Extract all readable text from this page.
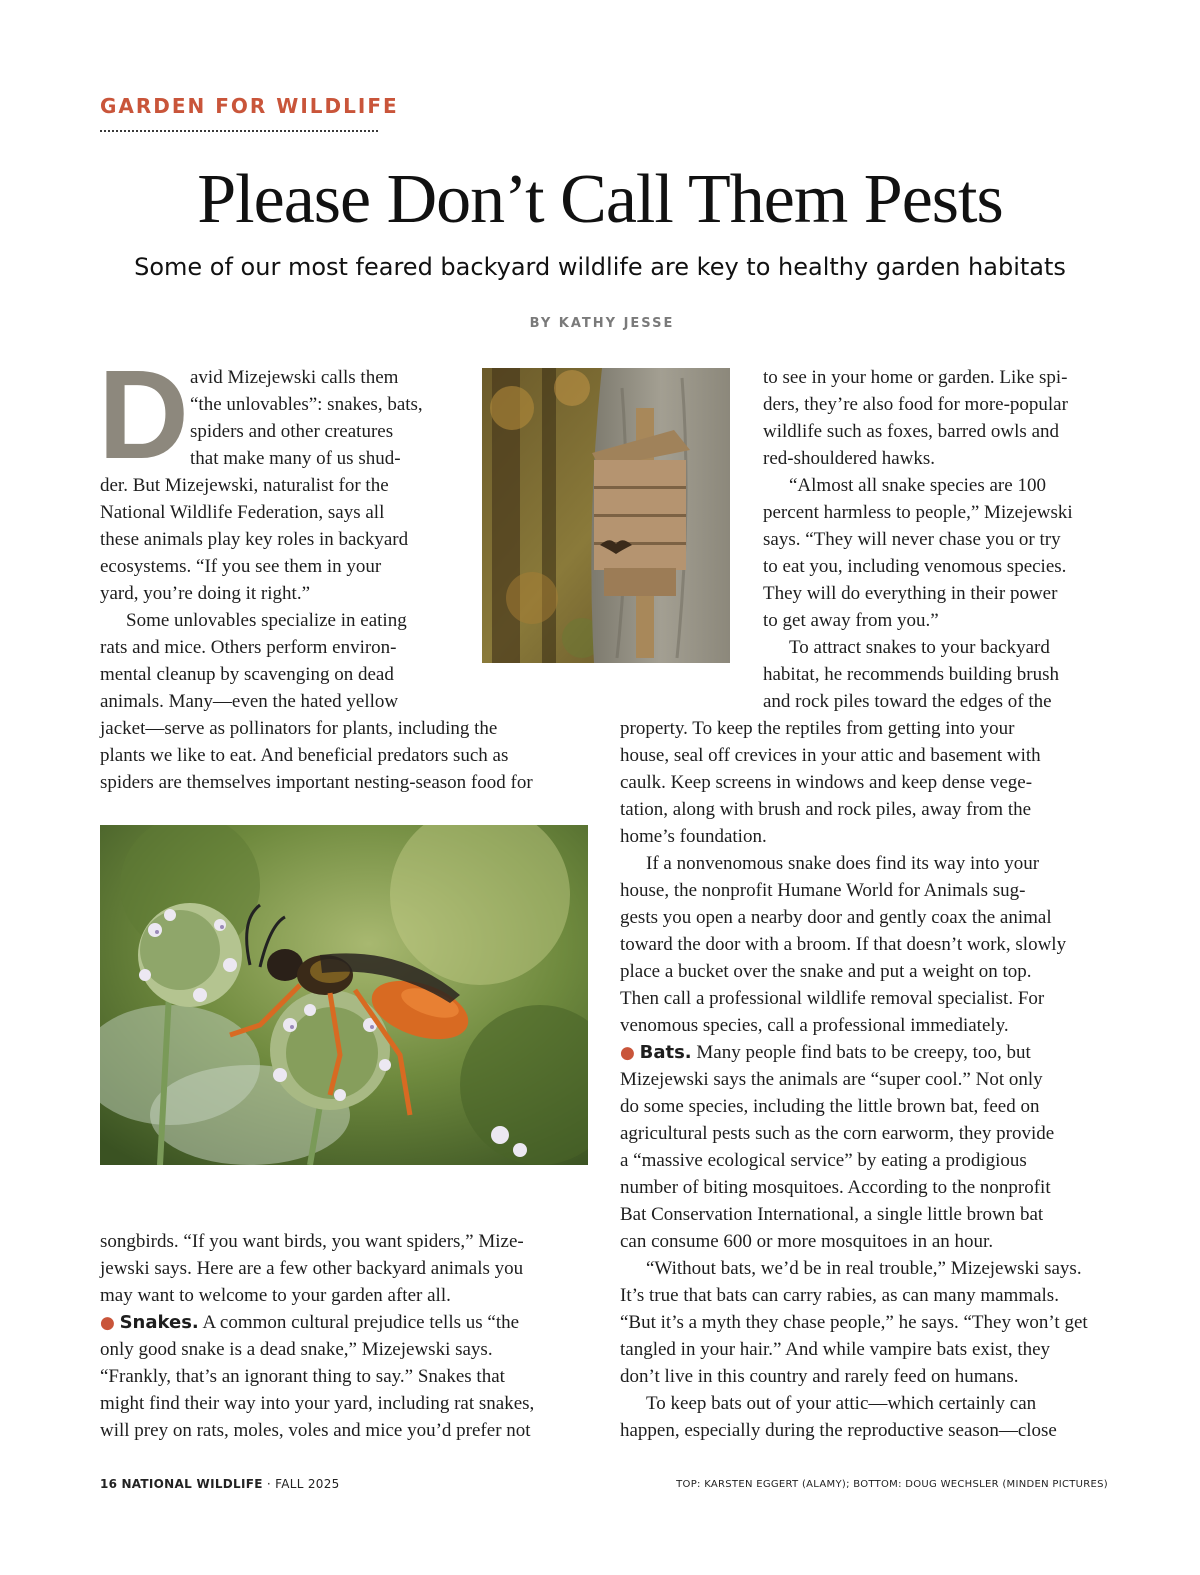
GARDEN FOR WILDLIFE
Please Don’t Call Them Pests
Some of our most feared backyard wildlife are key to healthy garden habitats
BY KATHY JESSE
D avid Mizejewski calls them

“the unlovables”: snakes, bats,

spiders and other creatures

that make many of us shud-

der. But Mizejewski, naturalist for the

National Wildlife Federation, says all

these animals play key roles in backyard

ecosystems. “If you see them in your

yard, you’re doing it right.”

Some unlovables specialize in eating

rats and mice. Others perform environ-

mental cleanup by scavenging on dead

animals. Many—even the hated yellow

jacket—serve as pollinators for plants, including the

plants we like to eat. And beneficial predators such as

spiders are themselves important nesting-season food for

songbirds. “If you want birds, you want spiders,” Mize-

jewski says. Here are a few other backyard animals you

may want to welcome to your garden after all.

● Snakes. A common cultural prejudice tells us “the

only good snake is a dead snake,” Mizejewski says.

“Frankly, that’s an ignorant thing to say.” Snakes that

might find their way into your yard, including rat snakes,

will prey on rats, moles, voles and mice you’d prefer not

to see in your home or garden. Like spi-

ders, they’re also food for more-popular

wildlife such as foxes, barred owls and

red-shouldered hawks.

“Almost all snake species are 100

percent harmless to people,” Mizejewski

says. “They will never chase you or try

to eat you, including venomous species.

They will do everything in their power

to get away from you.”

To attract snakes to your backyard

habitat, he recommends building brush

and rock piles toward the edges of the

property. To keep the reptiles from getting into your

house, seal off crevices in your attic and basement with

caulk. Keep screens in windows and keep dense vege-

tation, along with brush and rock piles, away from the

home’s foundation.

If a nonvenomous snake does find its way into your

house, the nonprofit Humane World for Animals sug-

gests you open a nearby door and gently coax the animal

toward the door with a broom. If that doesn’t work, slowly

place a bucket over the snake and put a weight on top.

Then call a professional wildlife removal specialist. For

venomous species, call a professional immediately.

● Bats. Many people find bats to be creepy, too, but

Mizejewski says the animals are “super cool.” Not only

do some species, including the little brown bat, feed on

agricultural pests such as the corn earworm, they provide

a “massive ecological service” by eating a prodigious

number of biting mosquitoes. According to the nonprofit

Bat Conservation International, a single little brown bat

can consume 600 or more mosquitoes in an hour.

“Without bats, we’d be in real trouble,” Mizejewski says.

It’s true that bats can carry rabies, as can many mammals.

“But it’s a myth they chase people,” he says. “They won’t get

tangled in your hair.” And while vampire bats exist, they

don’t live in this country and rarely feed on humans.

To keep bats out of your attic—which certainly can

happen, especially during the reproductive season—close

16 NATIONAL WILDLIFE · FALL 2025	TOP: KARSTEN EGGERT (ALAMY); BOTTOM: DOUG WECHSLER (MINDEN PICTURES)
